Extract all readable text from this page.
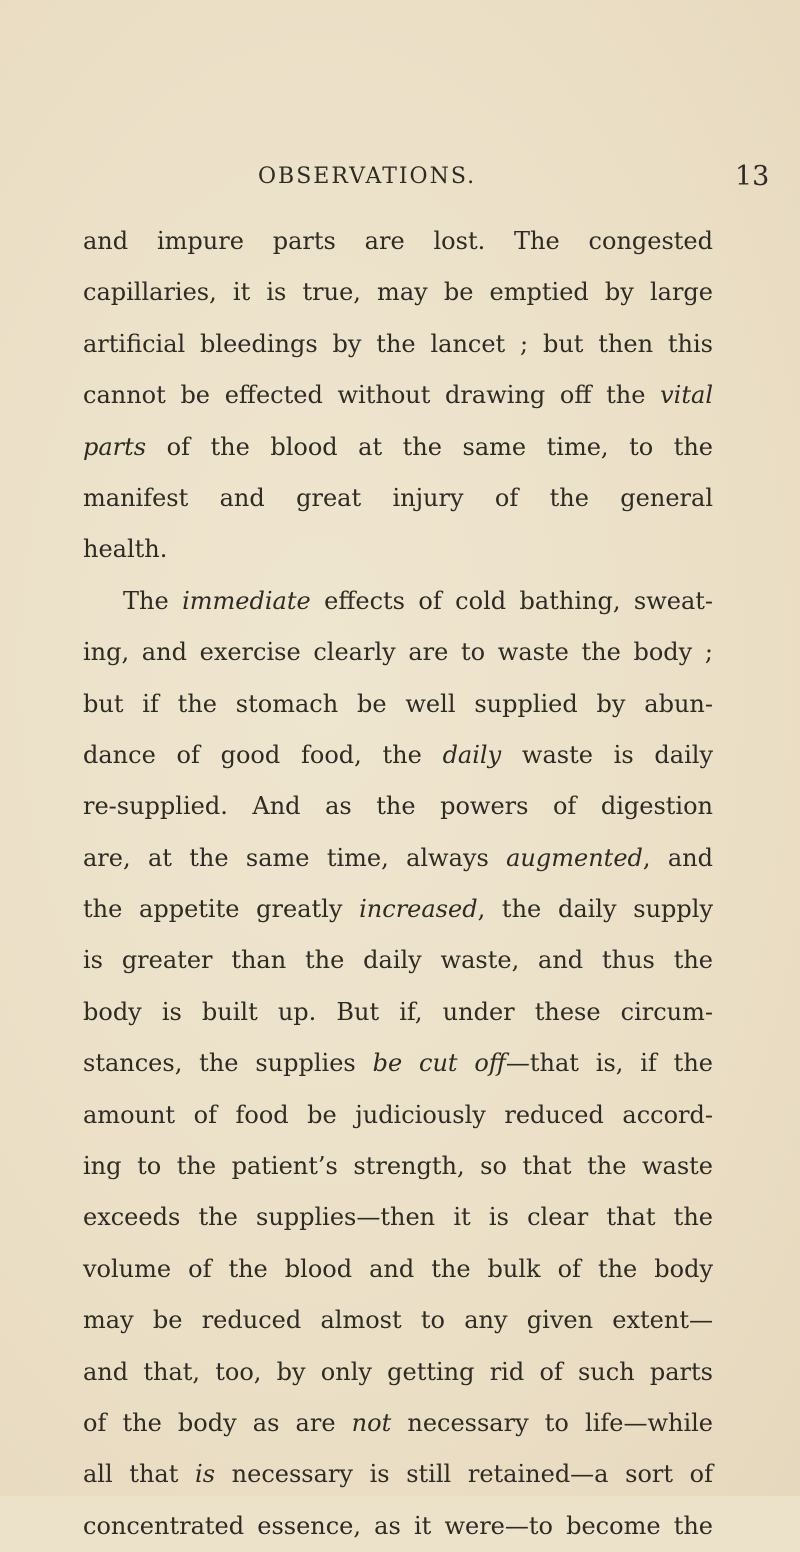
OBSERVATIONS.	13
and impure parts are lost. The congested
capillaries, it is true, may be emptied by large
artificial bleedings by the lancet ; but then this
cannot be effected without drawing off the vital
parts of the blood at the same time, to the
manifest and great injury of the general
health.
The immediate effects of cold bathing, sweat-
ing, and exercise clearly are to waste the body ;
but if the stomach be well supplied by abun-
dance of good food, the daily waste is daily
re-supplied. And as the powers of digestion
are, at the same time, always augmented, and
the appetite greatly increased, the daily supply
is greater than the daily waste, and thus the
body is built up. But if, under these circum-
stances, the supplies be cut off—that is, if the
amount of food be judiciously reduced accord-
ing to the patient’s strength, so that the waste
exceeds the supplies—then it is clear that the
volume of the blood and the bulk of the body
may be reduced almost to any given extent—
and that, too, by only getting rid of such parts
of the body as are not necessary to life—while
all that is necessary is still retained—a sort of
concentrated essence, as it were—to become the
